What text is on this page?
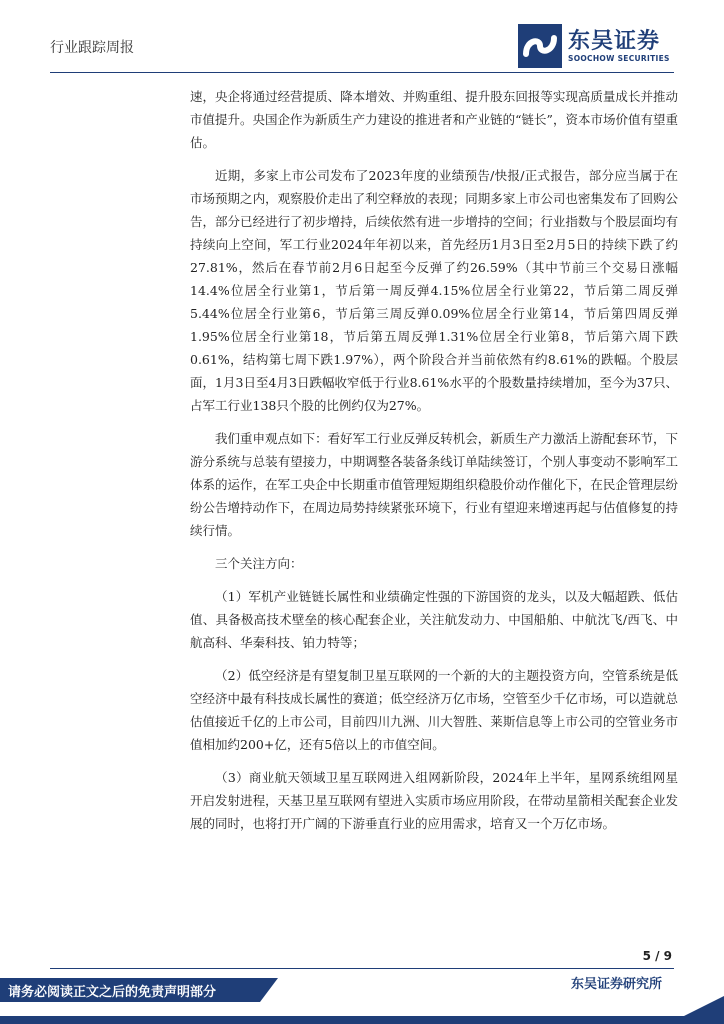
行业跟踪周报	东吴证券
SOOCHOW SECURITIES

速，央企将通过经营提质、降本增效、并购重组、提升股东回报等实现高质量成长并推动市值提升。央国企作为新质生产力建设的推进者和产业链的“链长”，资本市场价值有望重估。

近期，多家上市公司发布了2023年度的业绩预告/快报/正式报告，部分应当属于在市场预期之内，观察股价走出了利空释放的表现；同期多家上市公司也密集发布了回购公告，部分已经进行了初步增持，后续依然有进一步增持的空间；行业指数与个股层面均有持续向上空间，军工行业2024年年初以来，首先经历1月3日至2月5日的持续下跌了约27.81%，然后在春节前2月6日起至今反弹了约26.59%（其中节前三个交易日涨幅14.4%位居全行业第1，节后第一周反弹4.15%位居全行业第22，节后第二周反弹5.44%位居全行业第6，节后第三周反弹0.09%位居全行业第14，节后第四周反弹1.95%位居全行业第18，节后第五周反弹1.31%位居全行业第8，节后第六周下跌0.61%，结构第七周下跌1.97%），两个阶段合并当前依然有约8.61%的跌幅。个股层面，1月3日至4月3日跌幅收窄低于行业8.61%水平的个股数量持续增加，至今为37只、占军工行业138只个股的比例约仅为27%。

我们重申观点如下：看好军工行业反弹反转机会，新质生产力激活上游配套环节，下游分系统与总装有望接力，中期调整各装备条线订单陆续签订，个别人事变动不影响军工体系的运作，在军工央企中长期重市值管理短期组织稳股价动作催化下，在民企管理层纷纷公告增持动作下，在周边局势持续紧张环境下，行业有望迎来增速再起与估值修复的持续行情。

三个关注方向：

（1）军机产业链链长属性和业绩确定性强的下游国资的龙头，以及大幅超跌、低估值、具备极高技术壁垒的核心配套企业，关注航发动力、中国船舶、中航沈飞/西飞、中航高科、华秦科技、铂力特等；

（2）低空经济是有望复制卫星互联网的一个新的大的主题投资方向，空管系统是低空经济中最有科技成长属性的赛道；低空经济万亿市场，空管至少千亿市场，可以造就总估值接近千亿的上市公司，目前四川九洲、川大智胜、莱斯信息等上市公司的空管业务市值相加约200+亿，还有5倍以上的市值空间。

（3）商业航天领域卫星互联网进入组网新阶段，2024年上半年，星网系统组网星开启发射进程，天基卫星互联网有望进入实质市场应用阶段，在带动星箭相关配套企业发展的同时，也将打开广阔的下游垂直行业的应用需求，培育又一个万亿市场。

5 / 9
东吴证券研究所
请务必阅读正文之后的免责声明部分
